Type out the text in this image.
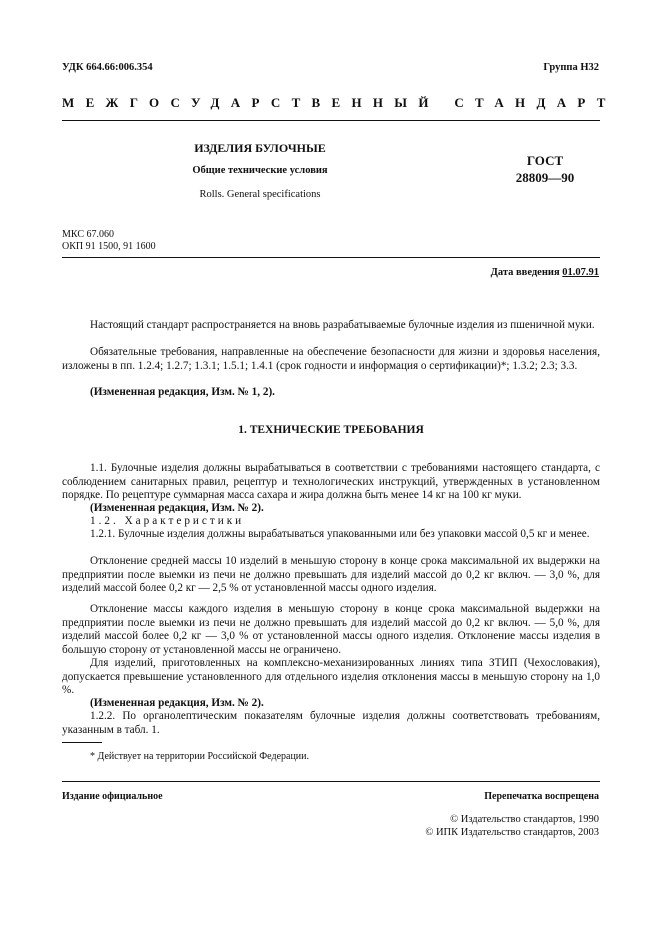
УДК 664.66:006.354	Группа Н32
МЕЖГОСУДАРСТВЕННЫЙ СТАНДАРТ
ИЗДЕЛИЯ БУЛОЧНЫЕ
Общие технические условия
Rolls. General specifications
ГОСТ
28809—90
МКС 67.060
ОКП 91 1500, 91 1600
Дата введения 01.07.91

Настоящий стандарт распространяется на вновь разрабатываемые булочные изделия из пшеничной муки.

Обязательные требования, направленные на обеспечение безопасности для жизни и здоровья населения, изложены в пп. 1.2.4; 1.2.7; 1.3.1; 1.5.1; 1.4.1 (срок годности и информация о сертификации)*; 1.3.2; 2.3; 3.3.

(Измененная редакция, Изм. № 1, 2).

1. ТЕХНИЧЕСКИЕ ТРЕБОВАНИЯ

1.1. Булочные изделия должны вырабатываться в соответствии с требованиями настоящего стандарта, с соблюдением санитарных правил, рецептур и технологических инструкций, утвержденных в установленном порядке. По рецептуре суммарная масса сахара и жира должна быть менее 14 кг на 100 кг муки.

(Измененная редакция, Изм. № 2).

1.2. Характеристики

1.2.1. Булочные изделия должны вырабатываться упакованными или без упаковки массой 0,5 кг и менее.

Отклонение средней массы 10 изделий в меньшую сторону в конце срока максимальной их выдержки на предприятии после выемки из печи не должно превышать для изделий массой до 0,2 кг включ. — 3,0 %, для изделий массой более 0,2 кг — 2,5 % от установленной массы одного изделия.

Отклонение массы каждого изделия в меньшую сторону в конце срока максимальной выдержки на предприятии после выемки из печи не должно превышать для изделий массой до 0,2 кг включ. — 5,0 %, для изделий массой более 0,2 кг — 3,0 % от установленной массы одного изделия. Отклонение массы изделия в большую сторону от установленной массы не ограничено.

Для изделий, приготовленных на комплексно-механизированных линиях типа ЗТИП (Чехословакия), допускается превышение установленного для отдельного изделия отклонения массы в меньшую сторону на 1,0 %.

(Измененная редакция, Изм. № 2).

1.2.2. По органолептическим показателям булочные изделия должны соответствовать требованиям, указанным в табл. 1.

* Действует на территории Российской Федерации.
Издание официальное	Перепечатка воспрещена
© Издательство стандартов, 1990
© ИПК Издательство стандартов, 2003
